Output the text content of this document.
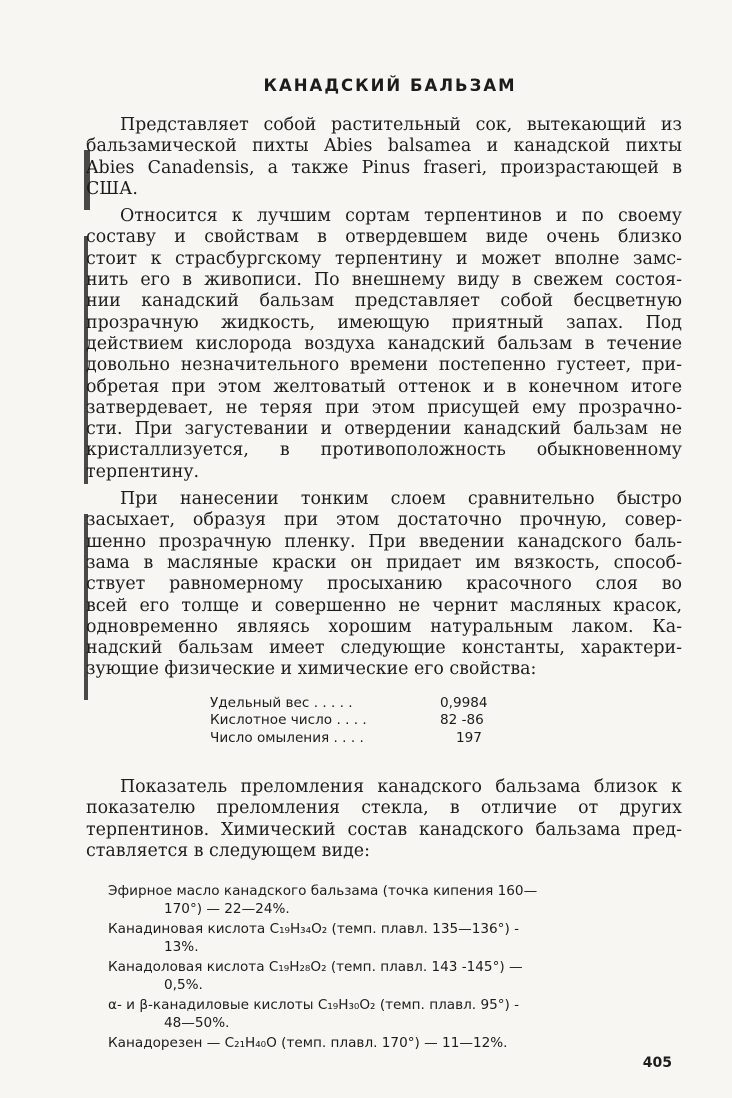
КАНАДСКИЙ БАЛЬЗАМ
Представляет собой растительный сок, вытекающий из
бальзамической пихты Abies balsamea и канадской пихты
Abies Canadensis, а также Pinus fraseri, произрастающей в
США.
Относится к лучшим сортам терпентинов и по своему
составу и свойствам в отвердевшем виде очень близко
стоит к страсбургскому терпентину и может вполне замс-
нить его в живописи. По внешнему виду в свежем состоя-
нии канадский бальзам представляет собой бесцветную
прозрачную жидкость, имеющую приятный запах. Под
действием кислорода воздуха канадский бальзам в течение
довольно незначительного времени постепенно густеет, при-
обретая при этом желтоватый оттенок и в конечном итоге
затвердевает, не теряя при этом присущей ему прозрачно-
сти. При загустевании и отвердении канадский бальзам не
кристаллизуется, в противоположность обыкновенному
терпентину.
При нанесении тонким слоем сравнительно быстро
засыхает, образуя при этом достаточно прочную, совер-
шенно прозрачную пленку. При введении канадского баль-
зама в масляные краски он придает им вязкость, способ-
ствует равномерному просыханию красочного слоя во
всей его толще и совершенно не чернит масляных красок,
одновременно являясь хорошим натуральным лаком. Ка-
надский бальзам имеет следующие константы, характери-
зующие физические и химические его свойства:
Удельный вес . . . . .	0,9984
Кислотное число . . . .	82 -86
Число омыления . . . .	197
Показатель преломления канадского бальзама близок к
показателю преломления стекла, в отличие от других
терпентинов. Химический состав канадского бальзама пред-
ставляется в следующем виде:
Эфирное масло канадского бальзама (точка кипения 160—
170°) — 22—24%.
Канадиновая кислота C₁₉H₃₄O₂ (темп. плавл. 135—136°) -
13%.
Канадоловая кислота C₁₉H₂₈O₂ (темп. плавл. 143 -145°) —
0,5%.
α- и β-канадиловые кислоты C₁₉H₃₀O₂ (темп. плавл. 95°) -
48—50%.
Канадорезен — C₂₁H₄₀O (темп. плавл. 170°) — 11—12%.
405
